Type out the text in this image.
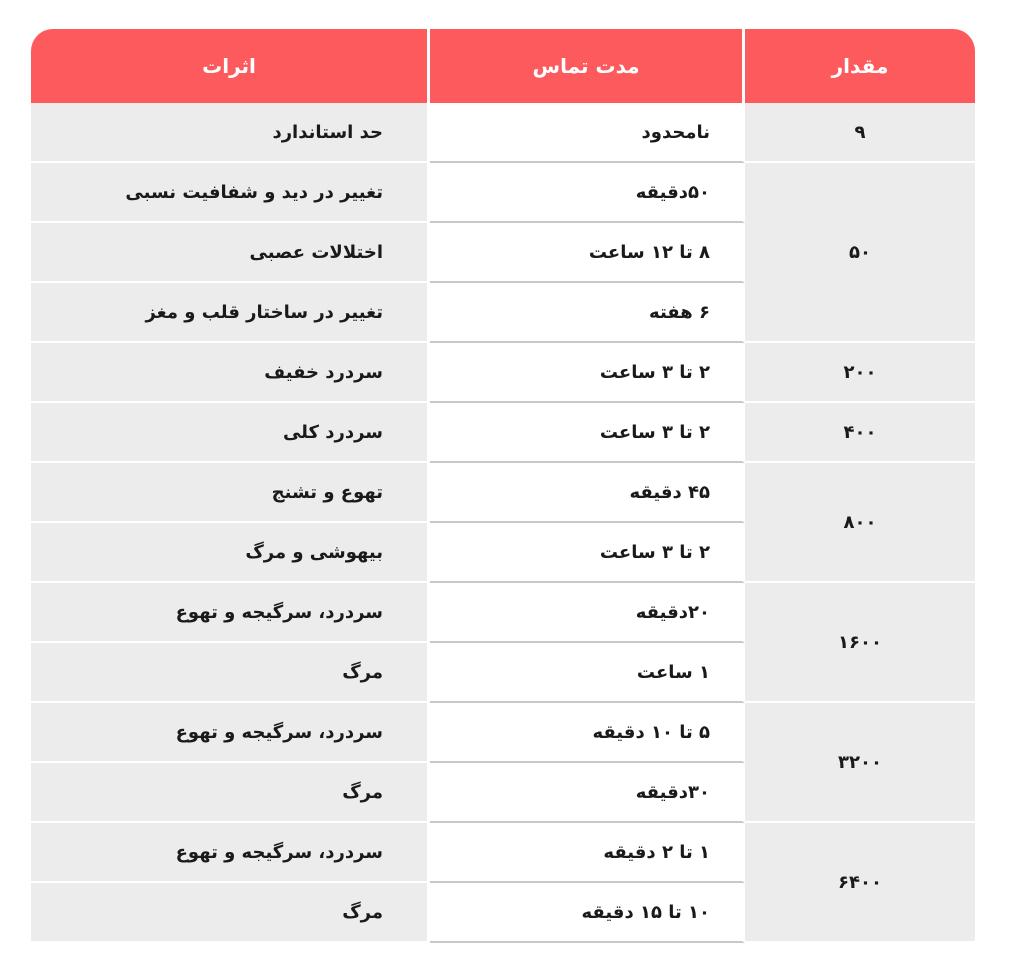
مقدار	مدت تماس	اثرات
۹	نامحدود	حد استاندارد
۵۰	۵۰دقیقه	تغییر در دید و شفافیت نسبی
	۸ تا ۱۲ ساعت	اختلالات عصبی
	۶ هفته	تغییر در ساختار قلب و مغز
۲۰۰	۲ تا ۳ ساعت	سردرد خفیف
۴۰۰	۲ تا ۳ ساعت	سردرد کلی
۸۰۰	۴۵ دقیقه	تهوع و تشنج
	۲ تا ۳ ساعت	بیهوشی و مرگ
۱۶۰۰	۲۰دقیقه	سردرد، سرگیجه و تهوع
	۱ ساعت	مرگ
۳۲۰۰	۵ تا ۱۰ دقیقه	سردرد، سرگیجه و تهوع
	۳۰دقیقه	مرگ
۶۴۰۰	۱ تا ۲ دقیقه	سردرد، سرگیجه و تهوع
	۱۰ تا ۱۵ دقیقه	مرگ
